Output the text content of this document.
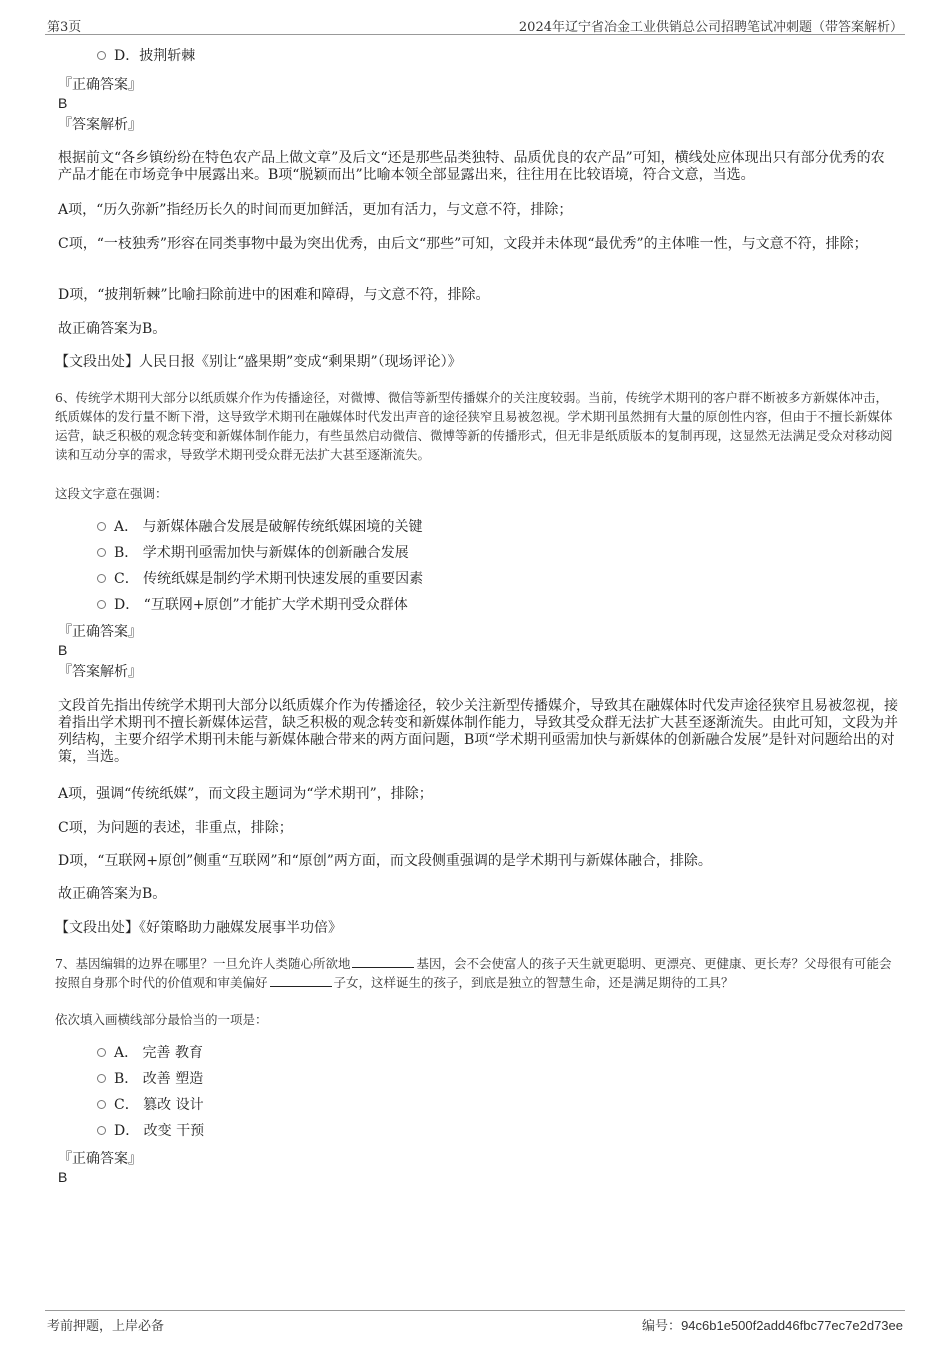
第3页	2024年辽宁省冶金工业供销总公司招聘笔试冲刺题（带答案解析）
D．披荆斩棘
『正确答案』
B
『答案解析』
根据前文“各乡镇纷纷在特色农产品上做文章”及后文“还是那些品类独特、品质优良的农产品”可知，横线处应体现出只有部分优秀的农产品才能在市场竞争中展露出来。B项“脱颖而出”比喻本领全部显露出来，往往用在比较语境，符合文意，当选。
A项，“历久弥新”指经历长久的时间而更加鲜活，更加有活力，与文意不符，排除；
C项，“一枝独秀”形容在同类事物中最为突出优秀，由后文“那些”可知，文段并未体现“最优秀”的主体唯一性，与文意不符，排除；
D项，“披荆斩棘”比喻扫除前进中的困难和障碍，与文意不符，排除。
故正确答案为B。
【文段出处】人民日报《别让“盛果期”变成“剩果期”（现场评论）》
6、传统学术期刊大部分以纸质媒介作为传播途径，对微博、微信等新型传播媒介的关注度较弱。当前，传统学术期刊的客户群不断被多方新媒体冲击，纸质媒体的发行量不断下滑，这导致学术期刊在融媒体时代发出声音的途径狭窄且易被忽视。学术期刊虽然拥有大量的原创性内容，但由于不擅长新媒体运营，缺乏积极的观念转变和新媒体制作能力，有些虽然启动微信、微博等新的传播形式，但无非是纸质版本的复制再现，这显然无法满足受众对移动阅读和互动分享的需求，导致学术期刊受众群无法扩大甚至逐渐流失。
这段文字意在强调：
A． 与新媒体融合发展是破解传统纸媒困境的关键
B． 学术期刊亟需加快与新媒体的创新融合发展
C． 传统纸媒是制约学术期刊快速发展的重要因素
D． “互联网+原创”才能扩大学术期刊受众群体
『正确答案』
B
『答案解析』
文段首先指出传统学术期刊大部分以纸质媒介作为传播途径，较少关注新型传播媒介，导致其在融媒体时代发声途径狭窄且易被忽视，接着指出学术期刊不擅长新媒体运营，缺乏积极的观念转变和新媒体制作能力，导致其受众群无法扩大甚至逐渐流失。由此可知，文段为并列结构，主要介绍学术期刊未能与新媒体融合带来的两方面问题，B项“学术期刊亟需加快与新媒体的创新融合发展”是针对问题给出的对策，当选。
A项，强调“传统纸媒”，而文段主题词为“学术期刊”，排除；
C项，为问题的表述，非重点，排除；
D项，“互联网+原创”侧重“互联网”和“原创”两方面，而文段侧重强调的是学术期刊与新媒体融合，排除。
故正确答案为B。
【文段出处】《好策略助力融媒发展事半功倍》
7、基因编辑的边界在哪里？一旦允许人类随心所欲地	基因，会不会使富人的孩子天生就更聪明、更漂亮、更健康、更长寿？父母很有可能会按照自身那个时代的价值观和审美偏好	子女，这样诞生的孩子，到底是独立的智慧生命，还是满足期待的工具？
依次填入画横线部分最恰当的一项是：
A． 完善 教育
B． 改善 塑造
C． 篡改 设计
D． 改变 干预
『正确答案』
B
考前押题，上岸必备	编号：94c6b1e500f2add46fbc77ec7e2d73ee
